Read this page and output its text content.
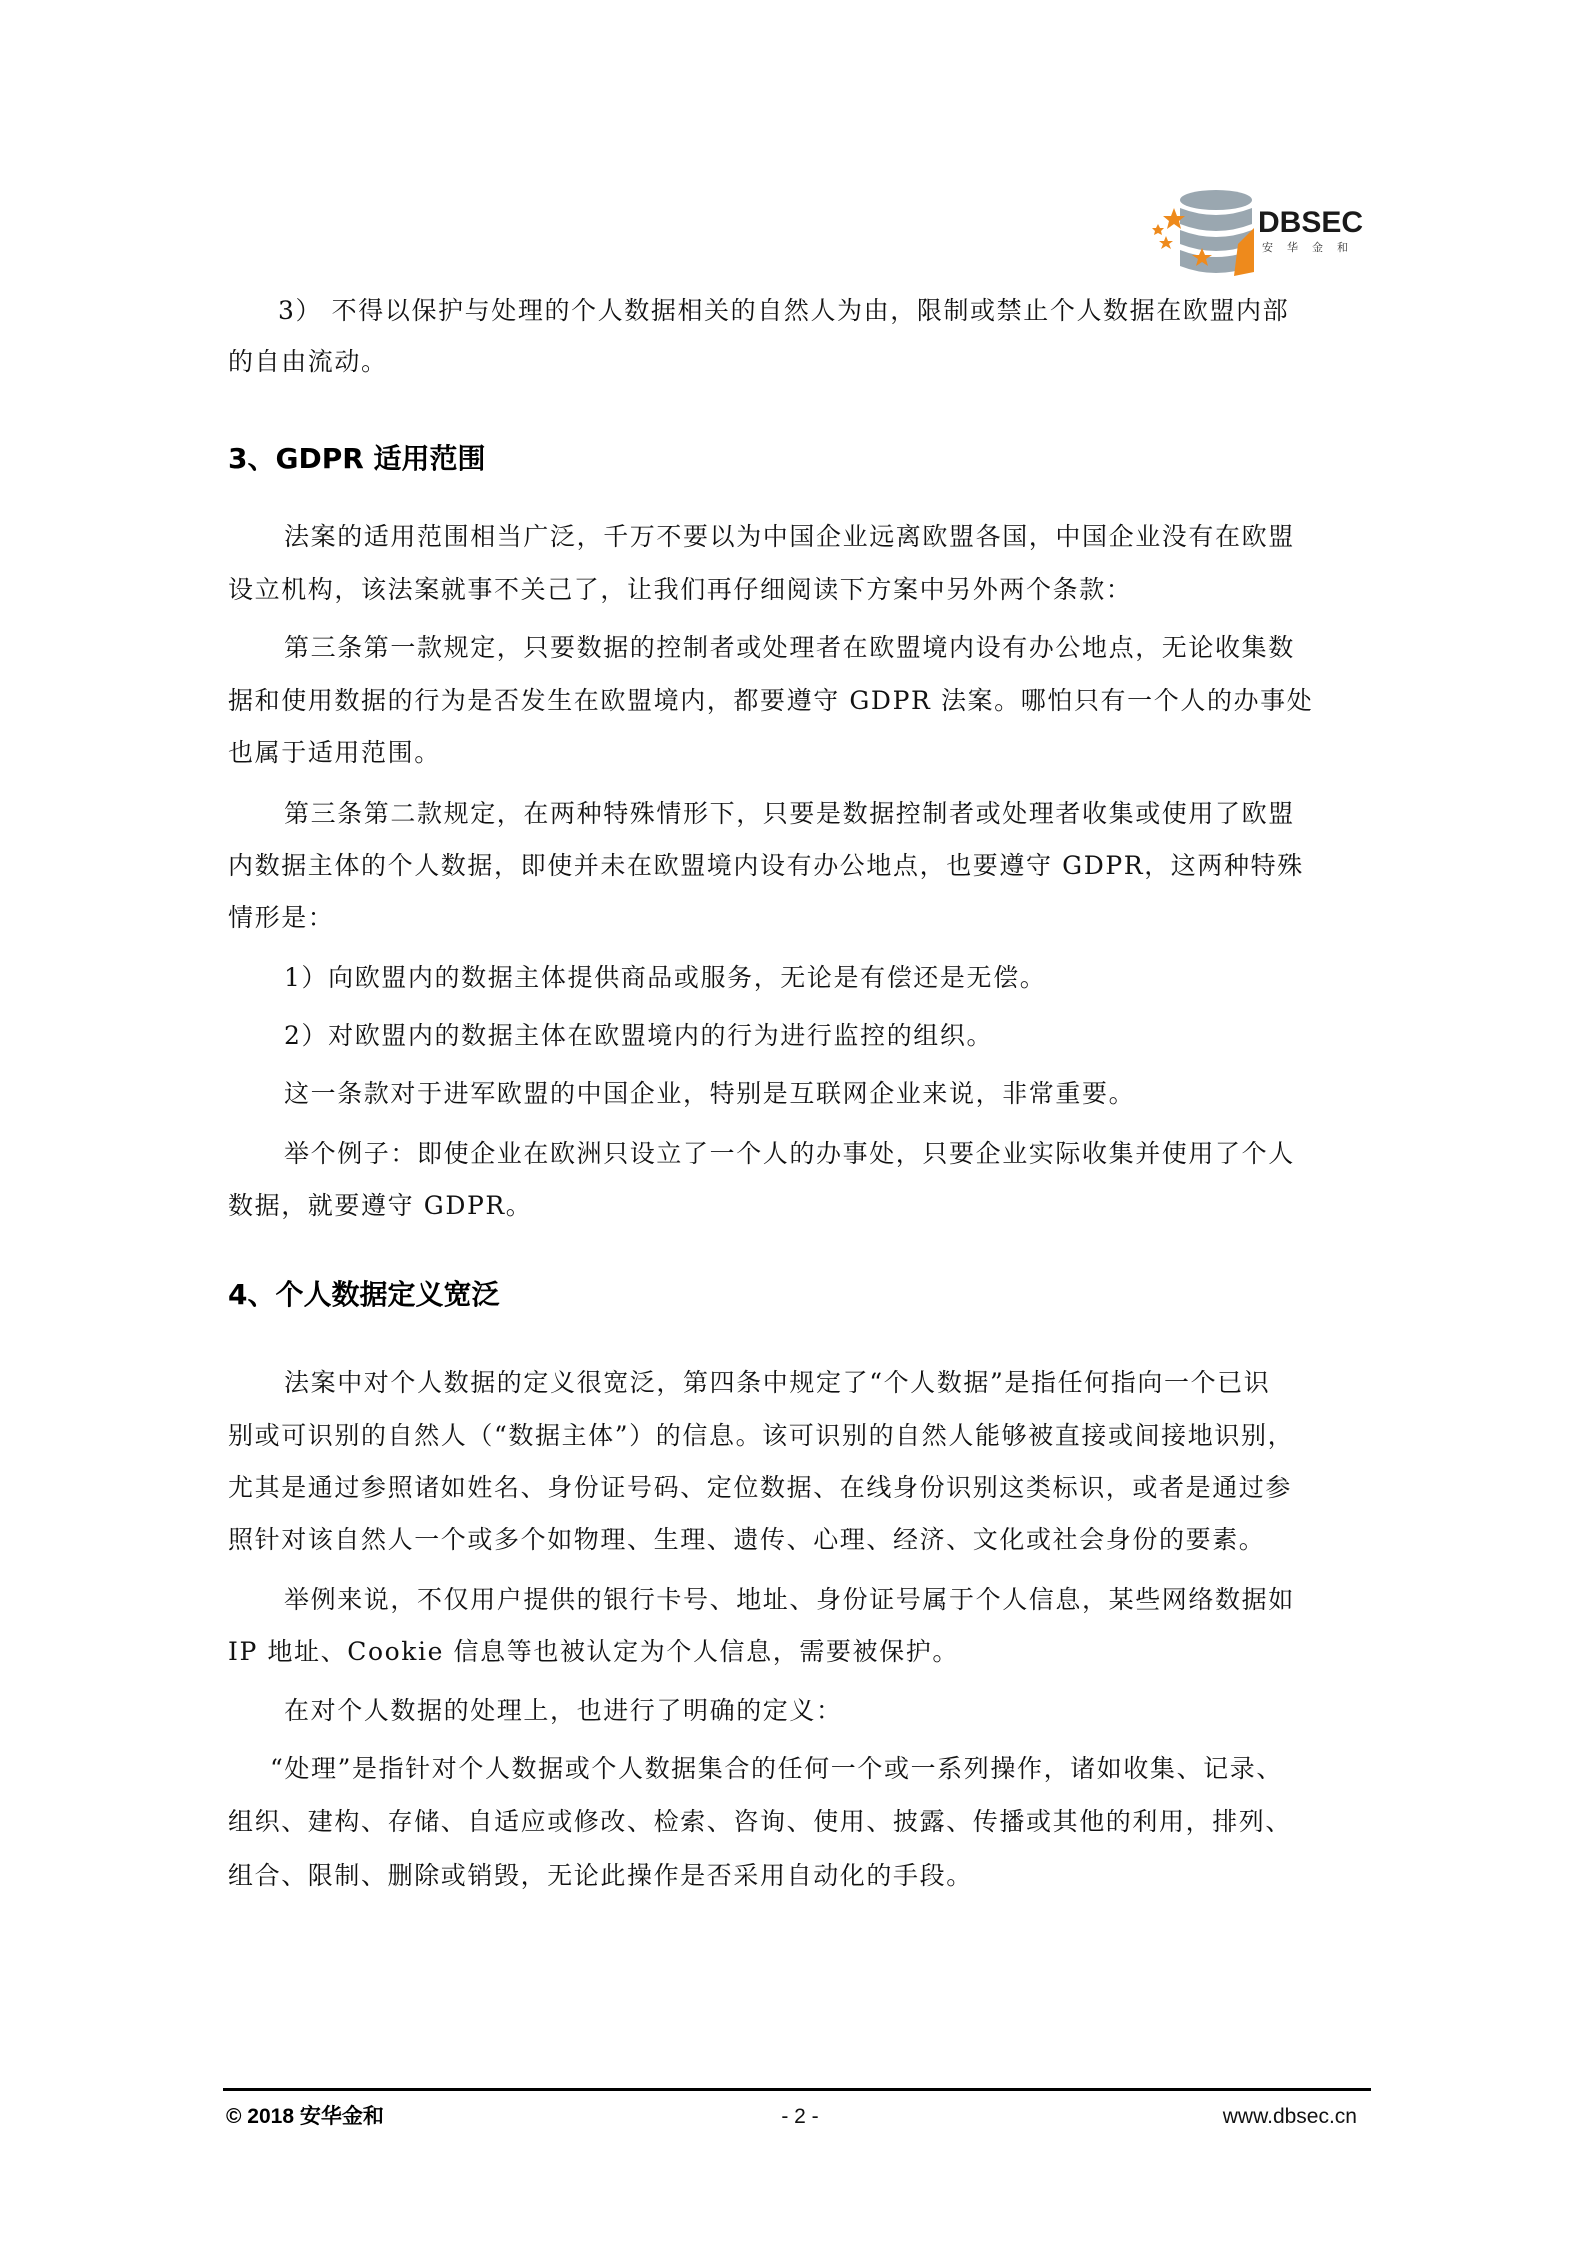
DBSEC
安华金和
3） 不得以保护与处理的个人数据相关的自然人为由，限制或禁止个人数据在欧盟内部
的自由流动。
3、GDPR 适用范围
法案的适用范围相当广泛，千万不要以为中国企业远离欧盟各国，中国企业没有在欧盟
设立机构，该法案就事不关己了，让我们再仔细阅读下方案中另外两个条款：
第三条第一款规定，只要数据的控制者或处理者在欧盟境内设有办公地点，无论收集数
据和使用数据的行为是否发生在欧盟境内，都要遵守 GDPR 法案。哪怕只有一个人的办事处
也属于适用范围。
第三条第二款规定，在两种特殊情形下，只要是数据控制者或处理者收集或使用了欧盟
内数据主体的个人数据，即使并未在欧盟境内设有办公地点，也要遵守 GDPR，这两种特殊
情形是：
1）向欧盟内的数据主体提供商品或服务，无论是有偿还是无偿。
2）对欧盟内的数据主体在欧盟境内的行为进行监控的组织。
这一条款对于进军欧盟的中国企业，特别是互联网企业来说，非常重要。
举个例子：即使企业在欧洲只设立了一个人的办事处，只要企业实际收集并使用了个人
数据，就要遵守 GDPR。
4、个人数据定义宽泛
法案中对个人数据的定义很宽泛，第四条中规定了“个人数据”是指任何指向一个已识
别或可识别的自然人（“数据主体”）的信息。该可识别的自然人能够被直接或间接地识别，
尤其是通过参照诸如姓名、身份证号码、定位数据、在线身份识别这类标识，或者是通过参
照针对该自然人一个或多个如物理、生理、遗传、心理、经济、文化或社会身份的要素。
举例来说，不仅用户提供的银行卡号、地址、身份证号属于个人信息，某些网络数据如
IP 地址、Cookie 信息等也被认定为个人信息，需要被保护。
在对个人数据的处理上，也进行了明确的定义：
“处理”是指针对个人数据或个人数据集合的任何一个或一系列操作，诸如收集、记录、
组织、建构、存储、自适应或修改、检索、咨询、使用、披露、传播或其他的利用，排列、
组合、限制、删除或销毁，无论此操作是否采用自动化的手段。
© 2018 安华金和	- 2 -	www.dbsec.cn
